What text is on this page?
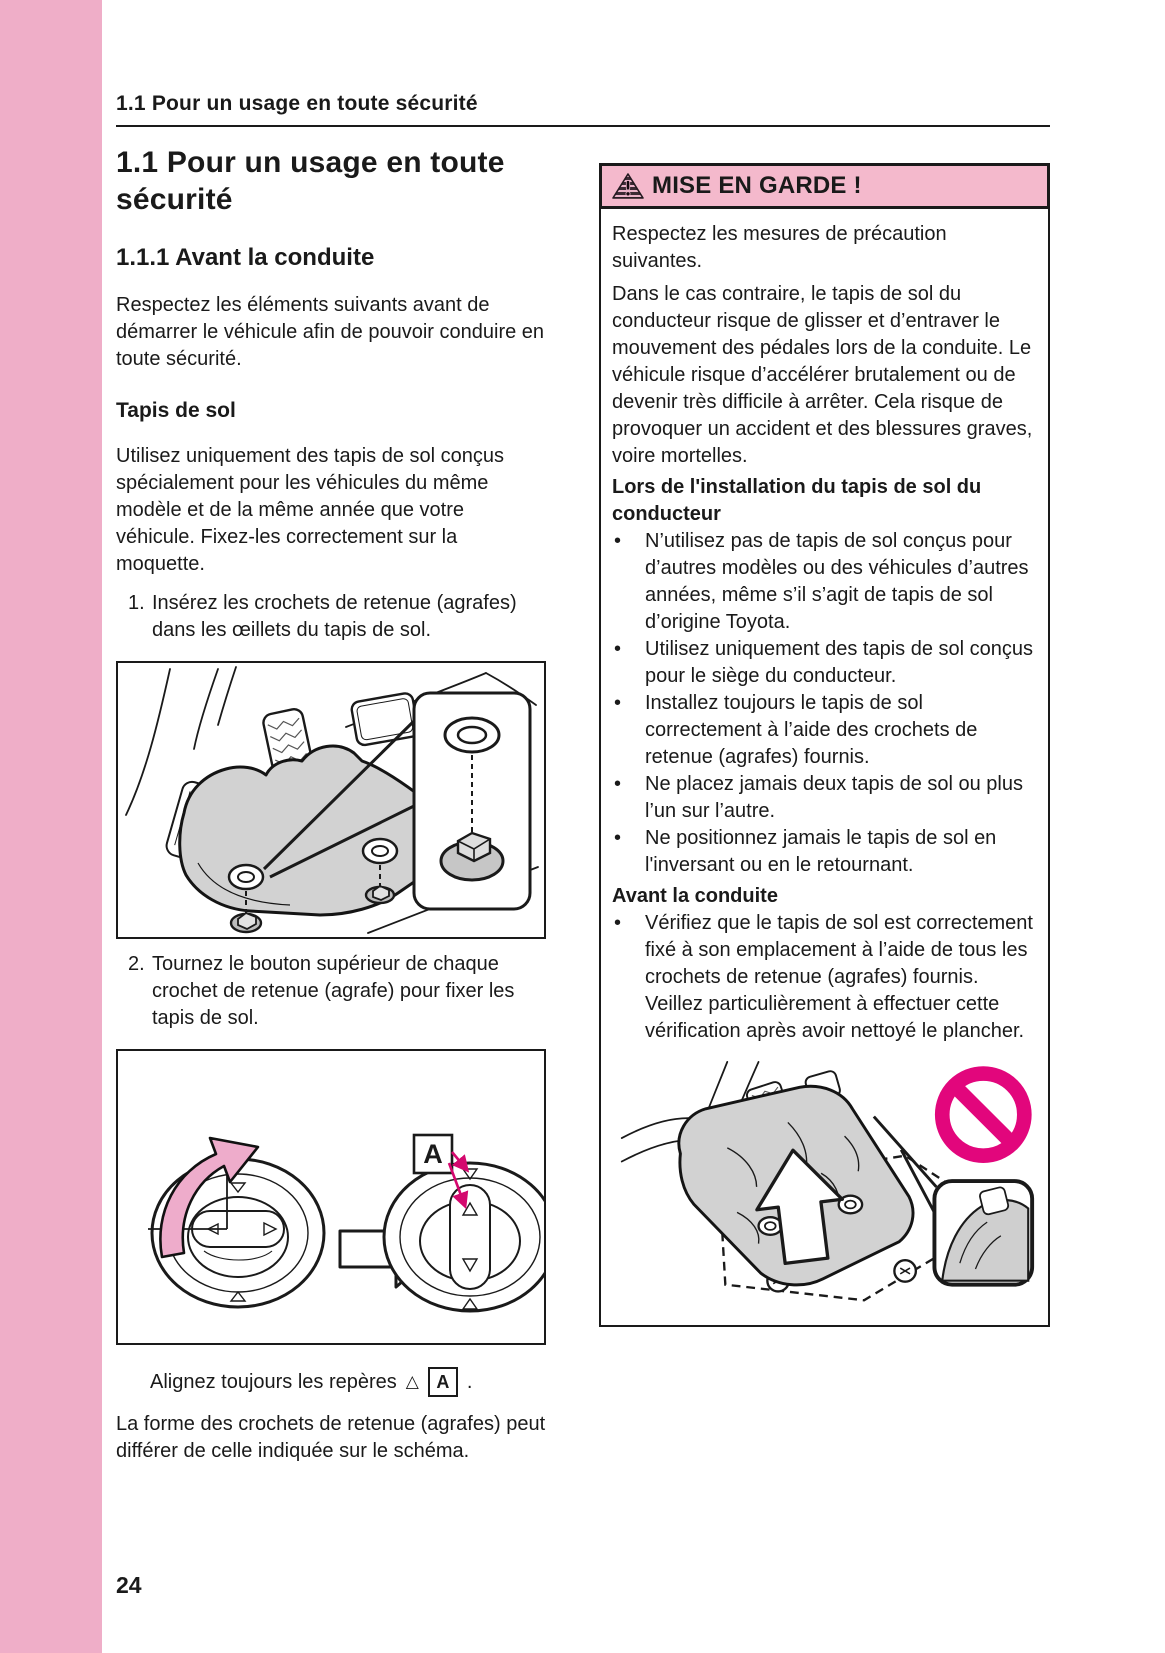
1.1 Pour un usage en toute sécurité
1.1 Pour un usage en toute sécurité
1.1.1 Avant la conduite

Respectez les éléments suivants avant de démarrer le véhicule afin de pouvoir conduire en toute sécurité.

Tapis de sol

Utilisez uniquement des tapis de sol conçus spécialement pour les véhicules du même modèle et de la même année que votre véhicule. Fixez-les correctement sur la moquette.

1. Insérez les crochets de retenue (agrafes) dans les œillets du tapis de sol.
2. Tournez le bouton supérieur de chaque crochet de retenue (agrafe) pour fixer les tapis de sol.
A

Alignez toujours les repères △ A .

La forme des crochets de retenue (agrafes) peut différer de celle indiquée sur le schéma.

MISE EN GARDE !

Respectez les mesures de précaution suivantes.

Dans le cas contraire, le tapis de sol du conducteur risque de glisser et d’entraver le mouvement des pédales lors de la conduite. Le véhicule risque d’accélérer brutalement ou de devenir très difficile à arrêter. Cela risque de provoquer un accident et des blessures graves, voire mortelles.

Lors de l'installation du tapis de sol du conducteur
• N’utilisez pas de tapis de sol conçus pour d’autres modèles ou des véhicules d’autres années, même s’il s’agit de tapis de sol d’origine Toyota.
• Utilisez uniquement des tapis de sol conçus pour le siège du conducteur.
• Installez toujours le tapis de sol correctement à l’aide des crochets de retenue (agrafes) fournis.
• Ne placez jamais deux tapis de sol ou plus l’un sur l’autre.
• Ne positionnez jamais le tapis de sol en l'inversant ou en le retournant.
Avant la conduite
• Vérifiez que le tapis de sol est correctement fixé à son emplacement à l’aide de tous les crochets de retenue (agrafes) fournis. Veillez particulièrement à effectuer cette vérification après avoir nettoyé le plancher.
24
